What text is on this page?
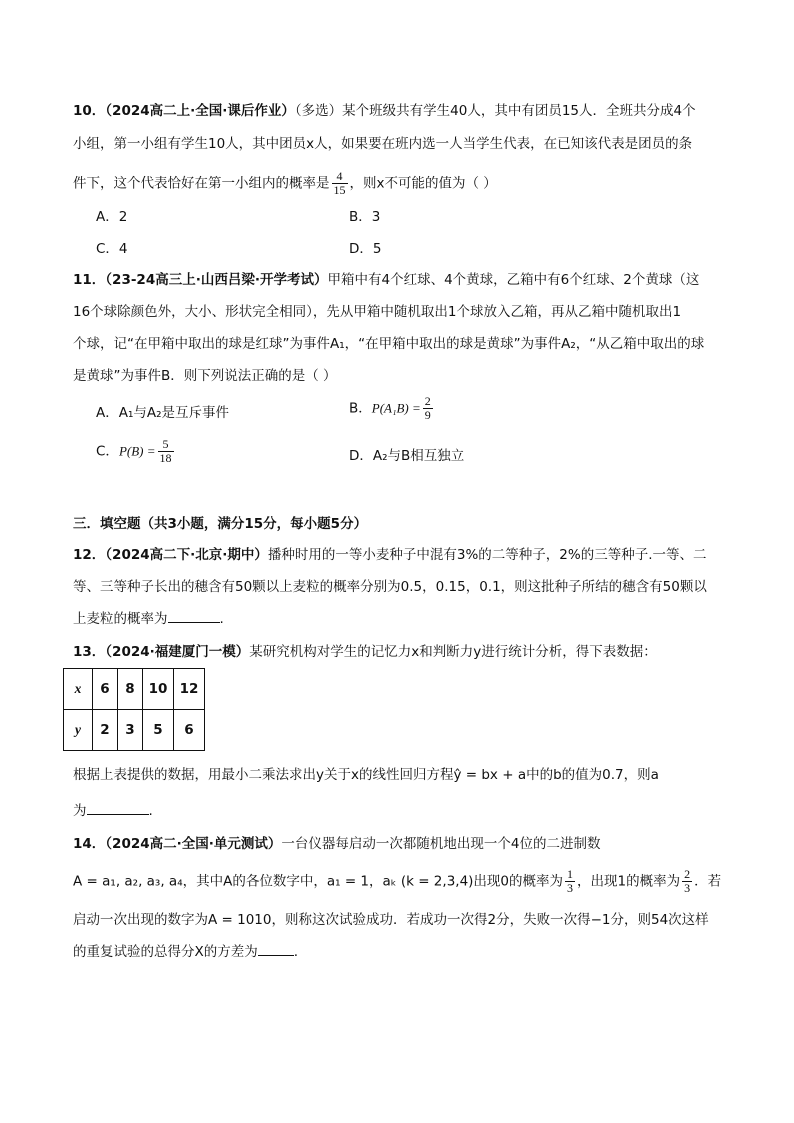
10．（2024高二上·全国·课后作业）（多选）某个班级共有学生40人，其中有团员15人．全班共分成4个
小组，第一小组有学生10人，其中团员x人，如果要在班内选一人当学生代表，在已知该代表是团员的条
件下，这个代表恰好在第一小组内的概率是 $\frac{4}{15}$ ，则x不可能的值为（ ）
A．2	B．3
C．4	D．5
11．（23-24高三上·山西吕梁·开学考试）甲箱中有4个红球、4个黄球，乙箱中有6个红球、2个黄球（这
16个球除颜色外，大小、形状完全相同），先从甲箱中随机取出1个球放入乙箱，再从乙箱中随机取出1
个球，记“在甲箱中取出的球是红球”为事件A₁，“在甲箱中取出的球是黄球”为事件A₂，“从乙箱中取出的球
是黄球”为事件B．则下列说法正确的是（ ）
A．A₁与A₂是互斥事件	B．$P(A_1B) = \frac{2}{9}$
C．$P(B) = \frac{5}{18}$	D．A₂与B相互独立
三．填空题（共3小题，满分15分，每小题5分）
12．（2024高二下·北京·期中）播种时用的一等小麦种子中混有3%的二等种子，2%的三等种子.一等、二
等、三等种子长出的穗含有50颗以上麦粒的概率分别为0.5，0.15，0.1，则这批种子所结的穗含有50颗以
上麦粒的概率为	.
13．（2024·福建厦门一模）某研究机构对学生的记忆力x和判断力y进行统计分析，得下表数据：
x	6	8	10	12
y	2	3	5	6
根据上表提供的数据，用最小二乘法求出y关于x的线性回归方程ŷ = bx + a中的b的值为0.7，则a
为	.
14．（2024高二·全国·单元测试）一台仪器每启动一次都随机地出现一个4位的二进制数
A = a₁, a₂, a₃, a₄，其中A的各位数字中，a₁ = 1，aₖ (k = 2,3,4)出现0的概率为 $\frac{1}{3}$ ，出现1的概率为 $\frac{2}{3}$ ．若
启动一次出现的数字为A = 1010，则称这次试验成功．若成功一次得2分，失败一次得−1分，则54次这样
的重复试验的总得分X的方差为	.
